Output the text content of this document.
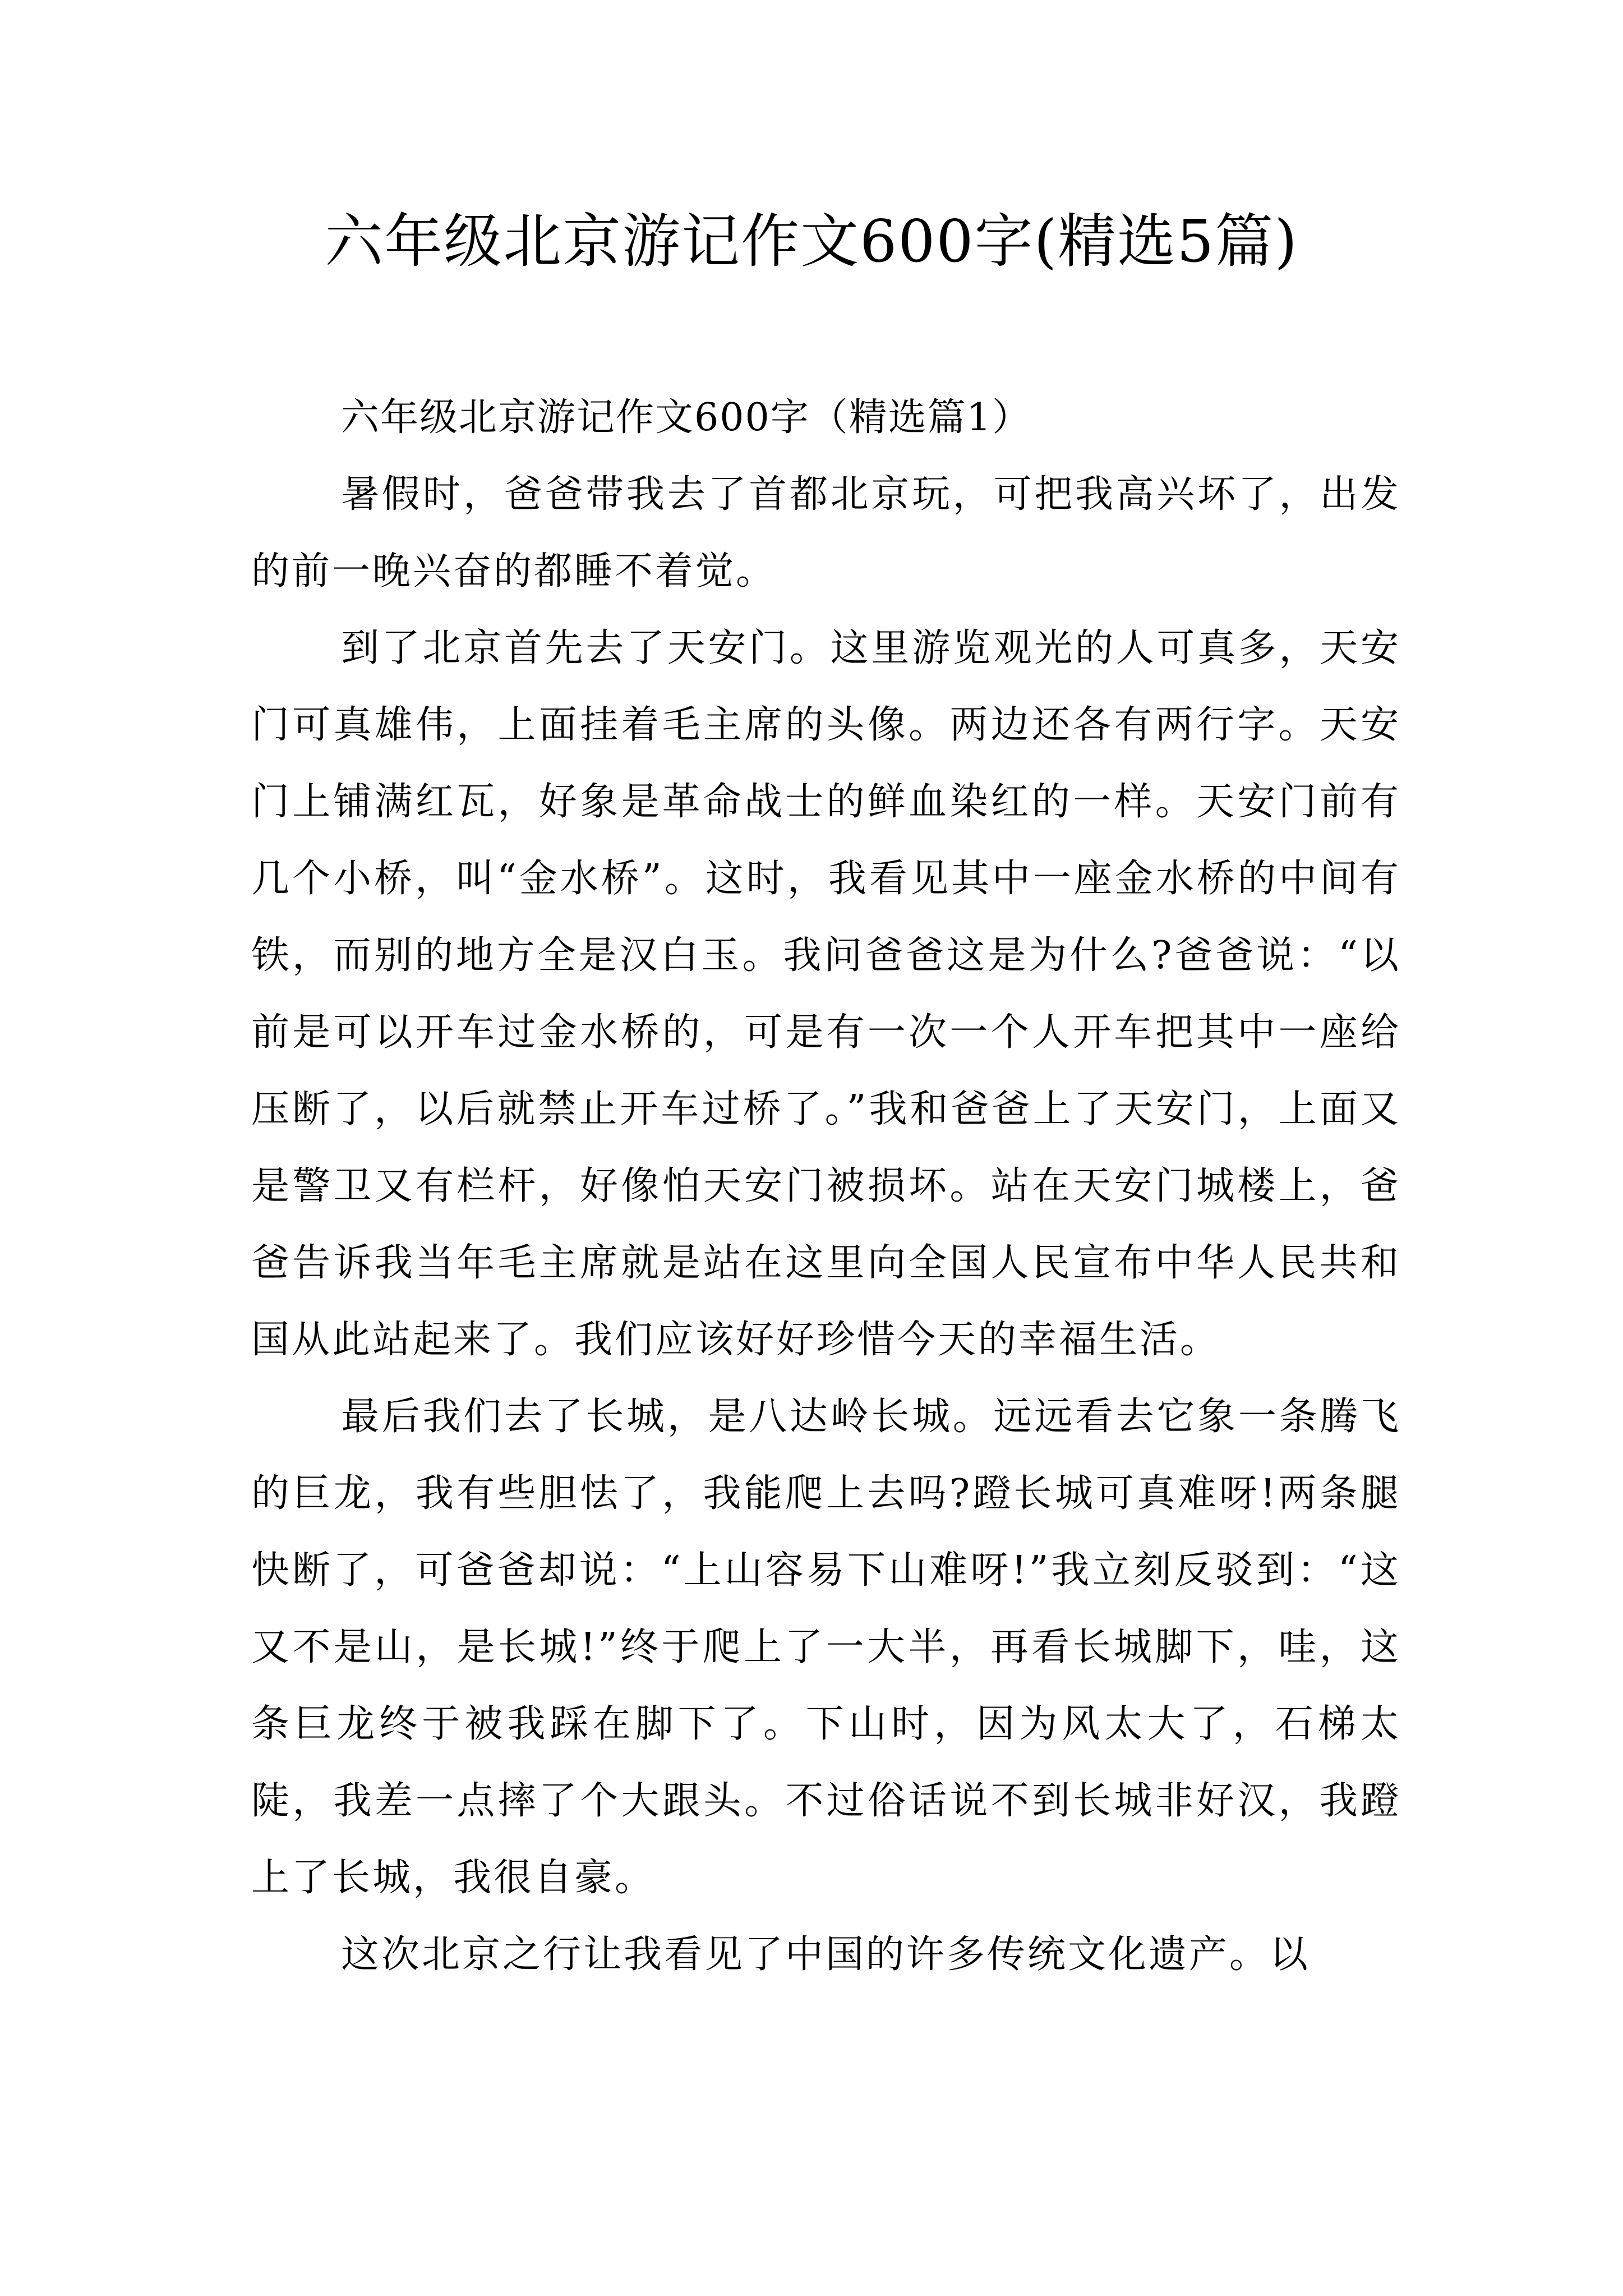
六年级北京游记作文600字(精选5篇)

六年级北京游记作文600字（精选篇1）

暑假时，爸爸带我去了首都北京玩，可把我高兴坏了，出发的前一晚兴奋的都睡不着觉。

到了北京首先去了天安门。这里游览观光的人可真多，天安门可真雄伟，上面挂着毛主席的头像。两边还各有两行字。天安门上铺满红瓦，好象是革命战士的鲜血染红的一样。天安门前有几个小桥，叫“金水桥”。这时，我看见其中一座金水桥的中间有铁，而别的地方全是汉白玉。我问爸爸这是为什么?爸爸说：“以前是可以开车过金水桥的，可是有一次一个人开车把其中一座给压断了，以后就禁止开车过桥了。”我和爸爸上了天安门，上面又是警卫又有栏杆，好像怕天安门被损坏。站在天安门城楼上，爸爸告诉我当年毛主席就是站在这里向全国人民宣布中华人民共和国从此站起来了。我们应该好好珍惜今天的幸福生活。

最后我们去了长城，是八达岭长城。远远看去它象一条腾飞的巨龙，我有些胆怯了，我能爬上去吗?蹬长城可真难呀!两条腿快断了，可爸爸却说：“上山容易下山难呀!”我立刻反驳到：“这又不是山，是长城!”终于爬上了一大半，再看长城脚下，哇，这条巨龙终于被我踩在脚下了。下山时，因为风太大了，石梯太陡，我差一点摔了个大跟头。不过俗话说不到长城非好汉，我蹬上了长城，我很自豪。

这次北京之行让我看见了中国的许多传统文化遗产。以
